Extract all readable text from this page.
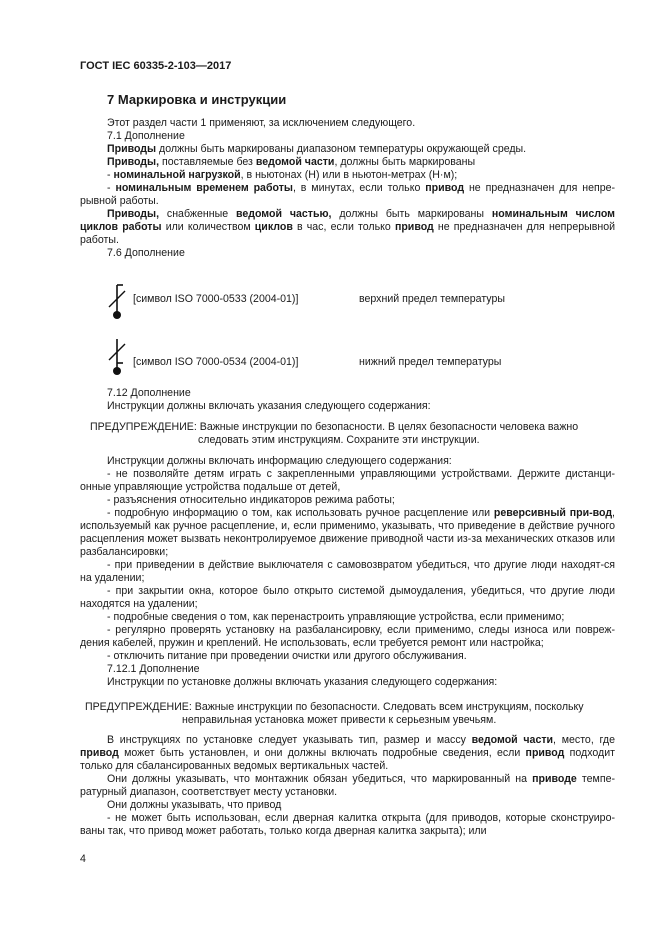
ГОСТ IEC 60335-2-103—2017
7 Маркировка и инструкции

Этот раздел части 1 применяют, за исключением следующего.

7.1 Дополнение

Приводы должны быть маркированы диапазоном температуры окружающей среды.

Приводы, поставляемые без ведомой части, должны быть маркированы

- номинальной нагрузкой, в ньютонах (Н) или в ньютон-метрах (Н·м);

- номинальным временем работы, в минутах, если только привод не предназначен для непре-рывной работы.

Приводы, снабженные ведомой частью, должны быть маркированы номинальным числом циклов работы или количеством циклов в час, если только привод не предназначен для непрерывной работы.

7.6 Дополнение

[символ ISO 7000-0533 (2004-01)]	верхний предел температуры
[символ ISO 7000-0534 (2004-01)]	нижний предел температуры

7.12 Дополнение

Инструкции должны включать указания следующего содержания:

ПРЕДУПРЕЖДЕНИЕ: Важные инструкции по безопасности. В целях безопасности человека важно
следовать этим инструкциям. Сохраните эти инструкции.

Инструкции должны включать информацию следующего содержания:

- не позволяйте детям играть с закрепленными управляющими устройствами. Держите дистанци-онные управляющие устройства подальше от детей,

- разъяснения относительно индикаторов режима работы;

- подробную информацию о том, как использовать ручное расцепление или реверсивный при-вод, используемый как ручное расцепление, и, если применимо, указывать, что приведение в действие ручного расцепления может вызвать неконтролируемое движение приводной части из-за механических отказов или разбалансировки;

- при приведении в действие выключателя с самовозвратом убедиться, что другие люди находят-ся на удалении;

- при закрытии окна, которое было открыто системой дымоудаления, убедиться, что другие люди находятся на удалении;

- подробные сведения о том, как перенастроить управляющие устройства, если применимо;

- регулярно проверять установку на разбалансировку, если применимо, следы износа или повреж-дения кабелей, пружин и креплений. Не использовать, если требуется ремонт или настройка;

- отключить питание при проведении очистки или другого обслуживания.

7.12.1 Дополнение

Инструкции по установке должны включать указания следующего содержания:

ПРЕДУПРЕЖДЕНИЕ: Важные инструкции по безопасности. Следовать всем инструкциям, поскольку
неправильная установка может привести к серьезным увечьям.

В инструкциях по установке следует указывать тип, размер и массу ведомой части, место, где привод может быть установлен, и они должны включать подробные сведения, если привод подходит только для сбалансированных ведомых вертикальных частей.

Они должны указывать, что монтажник обязан убедиться, что маркированный на приводе темпе-ратурный диапазон, соответствует месту установки.

Они должны указывать, что привод

- не может быть использован, если дверная калитка открыта (для приводов, которые сконструиро-ваны так, что привод может работать, только когда дверная калитка закрыта); или

4
